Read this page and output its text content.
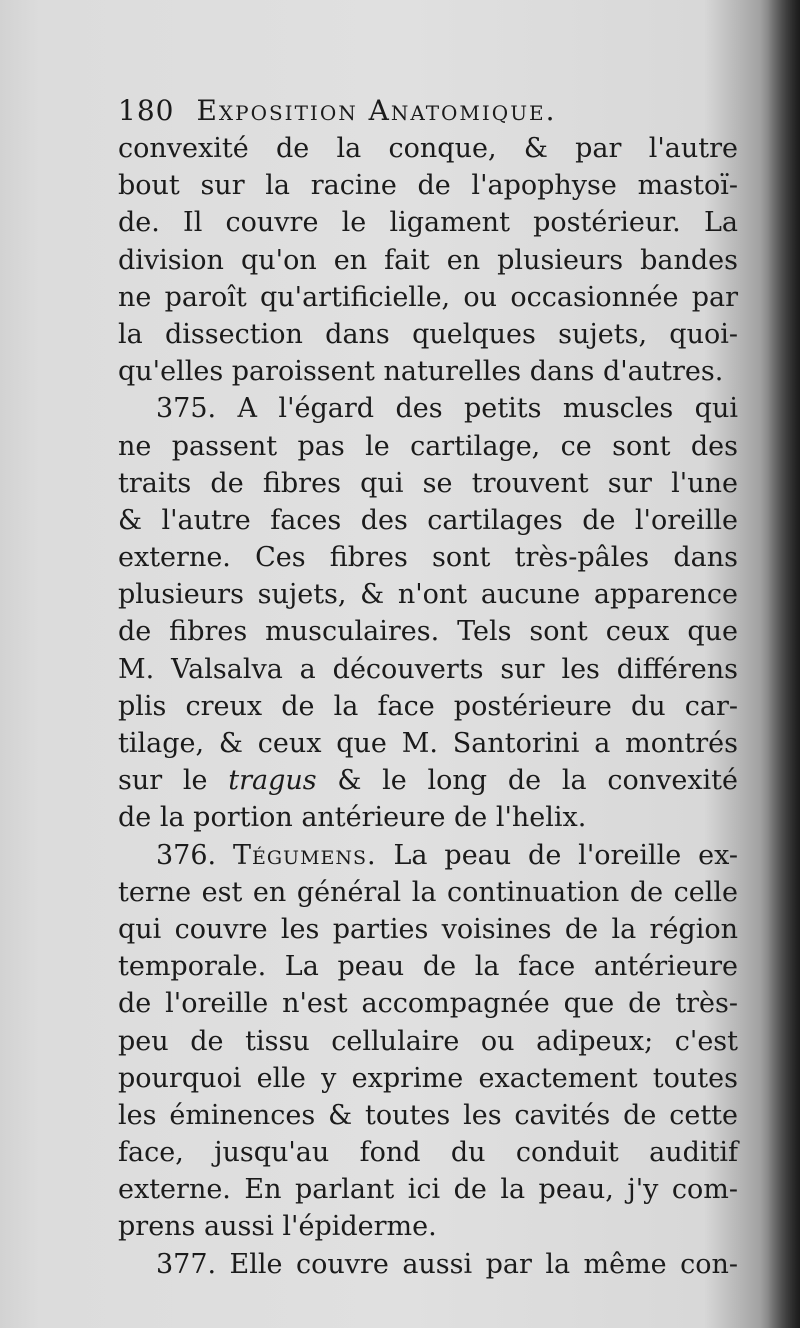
180 Exposition Anatomique.
convexité de la conque, & par l'autre
bout sur la racine de l'apophyse mastoï-
de. Il couvre le ligament postérieur. La
division qu'on en fait en plusieurs bandes
ne paroît qu'artificielle, ou occasionnée par
la dissection dans quelques sujets, quoi-
qu'elles paroissent naturelles dans d'autres.
375. A l'égard des petits muscles qui
ne passent pas le cartilage, ce sont des
traits de fibres qui se trouvent sur l'une
& l'autre faces des cartilages de l'oreille
externe. Ces fibres sont très-pâles dans
plusieurs sujets, & n'ont aucune apparence
de fibres musculaires. Tels sont ceux que
M. Valsalva a découverts sur les différens
plis creux de la face postérieure du car-
tilage, & ceux que M. Santorini a montrés
sur le tragus & le long de la convexité
de la portion antérieure de l'helix.
376. Tégumens. La peau de l'oreille ex-
terne est en général la continuation de celle
qui couvre les parties voisines de la région
temporale. La peau de la face antérieure
de l'oreille n'est accompagnée que de très-
peu de tissu cellulaire ou adipeux; c'est
pourquoi elle y exprime exactement toutes
les éminences & toutes les cavités de cette
face, jusqu'au fond du conduit auditif
externe. En parlant ici de la peau, j'y com-
prens aussi l'épiderme.
377. Elle couvre aussi par la même con-
